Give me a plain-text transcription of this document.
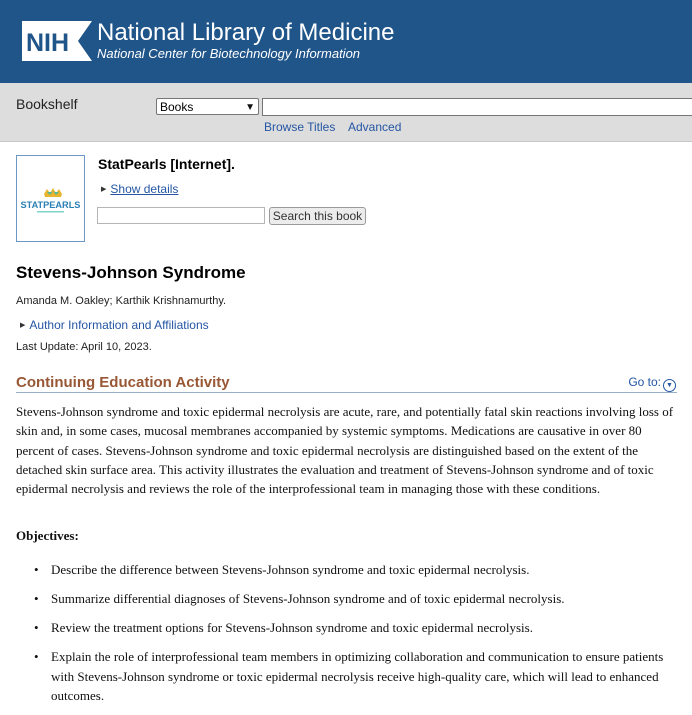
NIH National Library of Medicine
National Center for Biotechnology Information
Bookshelf	Books	▼
Browse Titles Advanced
STATPEARLS
StatPearls [Internet].
▶ Show details
Search this book
Stevens-Johnson Syndrome
Amanda M. Oakley; Karthik Krishnamurthy.
▶ Author Information and Affiliations
Last Update: April 10, 2023.
Continuing Education Activity	Go to: ▼
Stevens-Johnson syndrome and toxic epidermal necrolysis are acute, rare, and potentially fatal skin reactions involving loss of skin and, in some cases, mucosal membranes accompanied by systemic symptoms. Medications are causative in over 80 percent of cases. Stevens-Johnson syndrome and toxic epidermal necrolysis are distinguished based on the extent of the detached skin surface area. This activity illustrates the evaluation and treatment of Stevens-Johnson syndrome and of toxic epidermal necrolysis and reviews the role of the interprofessional team in managing those with these conditions.
Objectives:
• Describe the difference between Stevens-Johnson syndrome and toxic epidermal necrolysis.
• Summarize differential diagnoses of Stevens-Johnson syndrome and of toxic epidermal necrolysis.
• Review the treatment options for Stevens-Johnson syndrome and toxic epidermal necrolysis.
• Explain the role of interprofessional team members in optimizing collaboration and communication to ensure patients with Stevens-Johnson syndrome or toxic epidermal necrolysis receive high-quality care, which will lead to enhanced outcomes.
